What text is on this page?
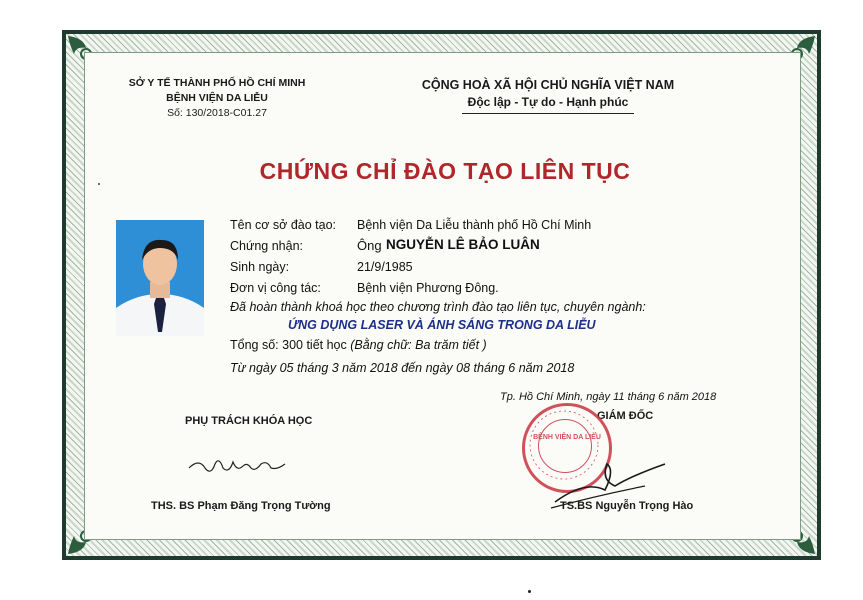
SỞ Y TẾ THÀNH PHỐ HỒ CHÍ MINH
BỆNH VIỆN DA LIỄU
Số: 130/2018-C01.27
CỘNG HOÀ XÃ HỘI CHỦ NGHĨA VIỆT NAM
Độc lập - Tự do - Hạnh phúc
CHỨNG CHỈ ĐÀO TẠO LIÊN TỤC
Tên cơ sở đào tạo: Bệnh viện Da Liễu thành phố Hồ Chí Minh
Chứng nhận:	Ông NGUYỄN LÊ BẢO LUÂN
Sinh ngày:	21/9/1985
Đơn vị công tác:	Bệnh viện Phương Đông.
Đã hoàn thành khoá học theo chương trình đào tạo liên tục, chuyên ngành:
ỨNG DỤNG LASER VÀ ÁNH SÁNG TRONG DA LIỄU
Tổng số: 300 tiết học (Bằng chữ: Ba trăm tiết )
Từ ngày 05 tháng 3 năm 2018 đến ngày 08 tháng 6 năm 2018
Tp. Hồ Chí Minh, ngày 11 tháng 6 năm 2018
PHỤ TRÁCH KHÓA HỌC
THS. BS Phạm Đăng Trọng Tường
GIÁM ĐỐC
BỆNH VIỆN DA LIỄU
TS.BS Nguyễn Trọng Hào
